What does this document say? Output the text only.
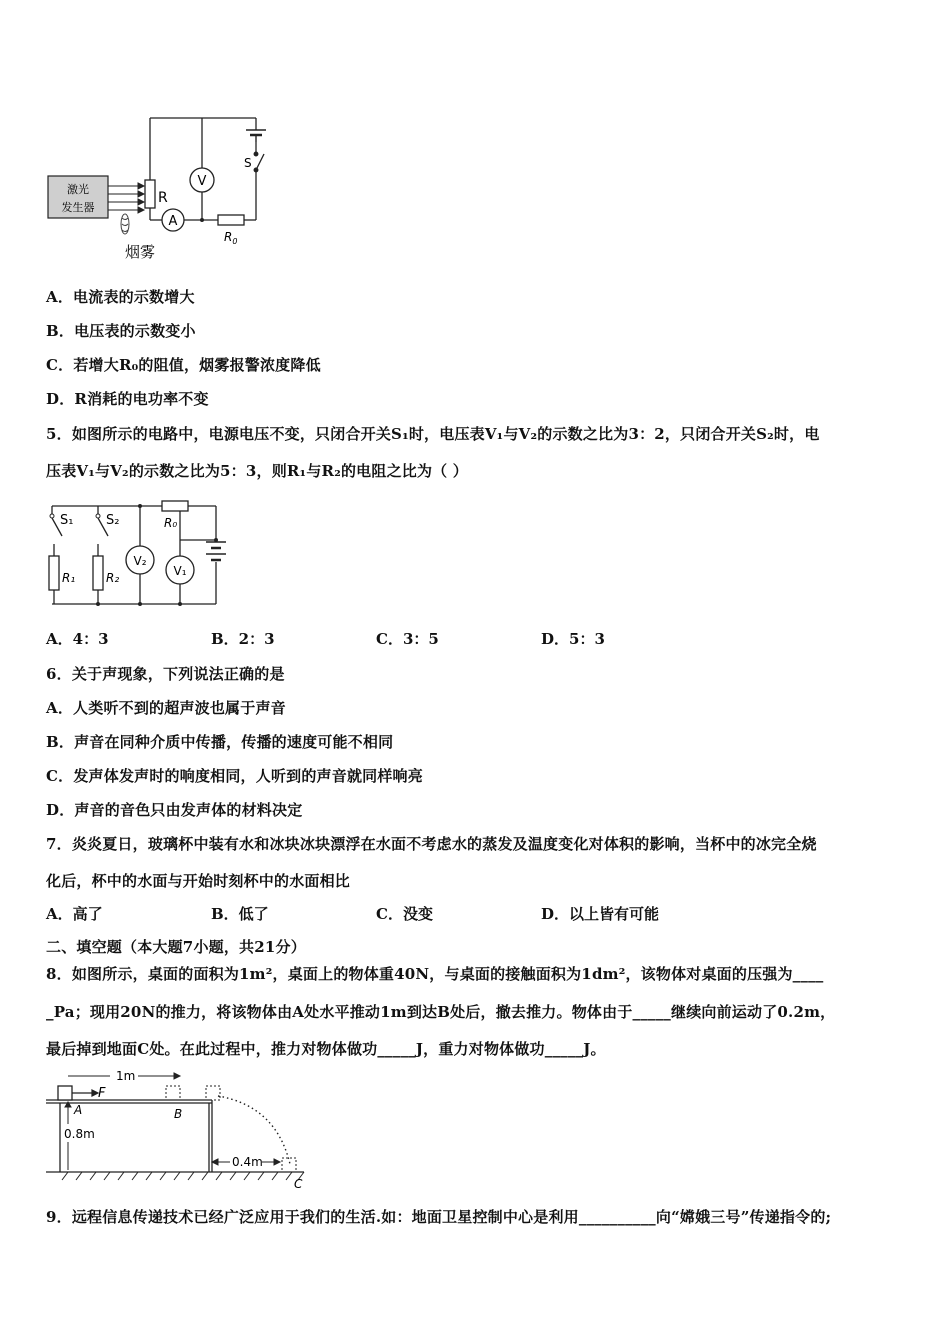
激光
发生器
烟雾
R
A
V
$R_0$
S
A．电流表的示数增大
B．电压表的示数变小
C．若增大R₀的阻值，烟雾报警浓度降低
D．R消耗的电功率不变
5．如图所示的电路中，电源电压不变，只闭合开关S₁时，电压表V₁与V₂的示数之比为3：2，只闭合开关S₂时，电
压表V₁与V₂的示数之比为5：3，则R₁与R₂的电阻之比为（ ）
R₀
R₁	R₂
S₁	S₂
V₂
V₁
A．4：3	B．2：3	C．3：5	D．5：3
6．关于声现象，下列说法正确的是
A．人类听不到的超声波也属于声音
B．声音在同种介质中传播，传播的速度可能不相同
C．发声体发声时的响度相同，人听到的声音就同样响亮
D．声音的音色只由发声体的材料决定
7．炎炎夏日，玻璃杯中装有水和冰块冰块漂浮在水面不考虑水的蒸发及温度变化对体积的影响，当杯中的冰完全烧
化后，杯中的水面与开始时刻杯中的水面相比
A．高了	B．低了	C．没变	D．以上皆有可能
二、填空题（本大题7小题，共21分）
8．如图所示，桌面的面积为1m²，桌面上的物体重40N，与桌面的接触面积为1dm²，该物体对桌面的压强为____
_Pa；现用20N的推力，将该物体由A处水平推动1m到达B处后，撤去推力。物体由于_____继续向前运动了0.2m，
最后掉到地面C处。在此过程中，推力对物体做功_____J，重力对物体做功_____J。
F
1m
B
A
0.8m
C
0.4m
9．远程信息传递技术已经广泛应用于我们的生活.如：地面卫星控制中心是利用__________向“嫦娥三号”传递指令的;
